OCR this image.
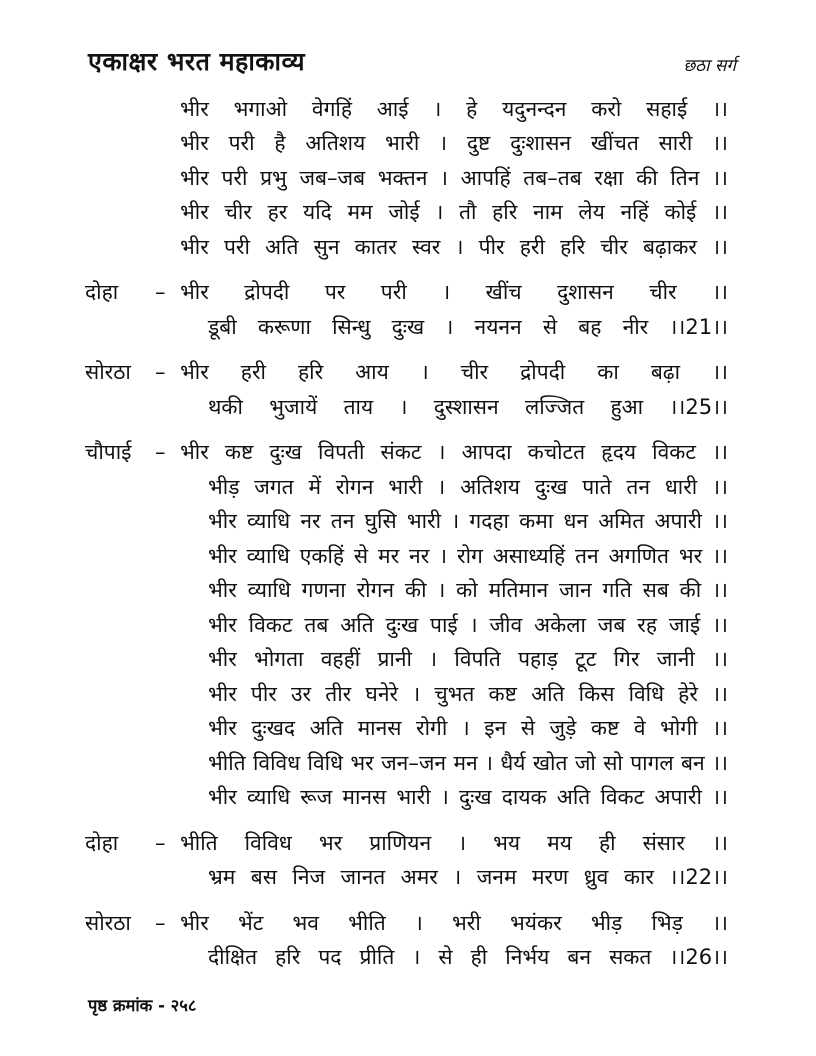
एकाक्षर भरत महाकाव्य	छठा सर्ग
भीर भगाओ वेगहिं आई । हे यदुनन्दन करो सहाई ।।
भीर परी है अतिशय भारी । दुष्ट दुःशासन खींचत सारी ।।
भीर परी प्रभु जब–जब भक्तन । आपहिं तब–तब रक्षा की तिन ।।
भीर चीर हर यदि मम जोई । तौ हरि नाम लेय नहिं कोई ।।
भीर परी अति सुन कातर स्वर । पीर हरी हरि चीर बढ़ाकर ।।
दोहा	– भीर द्रोपदी पर परी । खींच दुशासन चीर ।।
डूबी करूणा सिन्धु दुःख । नयनन से बह नीर ।।21।।
सोरठा	– भीर हरी हरि आय । चीर द्रोपदी का बढ़ा ।।
थकी भुजायें ताय । दुस्शासन लज्जित हुआ ।।25।।
चौपाई	– भीर कष्ट दुःख विपती संकट । आपदा कचोटत हृदय विकट ।।
भीड़ जगत में रोगन भारी । अतिशय दुःख पाते तन धारी ।।
भीर व्याधि नर तन घुसि भारी । गदहा कमा धन अमित अपारी ।।
भीर व्याधि एकहिं से मर नर । रोग असाध्यहिं तन अगणित भर ।।
भीर व्याधि गणना रोगन की । को मतिमान जान गति सब की ।।
भीर विकट तब अति दुःख पाई । जीव अकेला जब रह जाई ।।
भीर भोगता वहहीं प्रानी । विपति पहाड़ टूट गिर जानी ।।
भीर पीर उर तीर घनेरे । चुभत कष्ट अति किस विधि हेरे ।।
भीर दुःखद अति मानस रोगी । इन से जुड़े कष्ट वे भोगी ।।
भीति विविध विधि भर जन–जन मन । धैर्य खोत जो सो पागल बन ।।
भीर व्याधि रूज मानस भारी । दुःख दायक अति विकट अपारी ।।
दोहा	– भीति विविध भर प्राणियन । भय मय ही संसार ।।
भ्रम बस निज जानत अमर । जनम मरण ध्रुव कार ।।22।।
सोरठा	– भीर भेंट भव भीति । भरी भयंकर भीड़ भिड़ ।।
दीक्षित हरि पद प्रीति । से ही निर्भय बन सकत ।।26।।
पृष्ठ क्रमांक - २५८
